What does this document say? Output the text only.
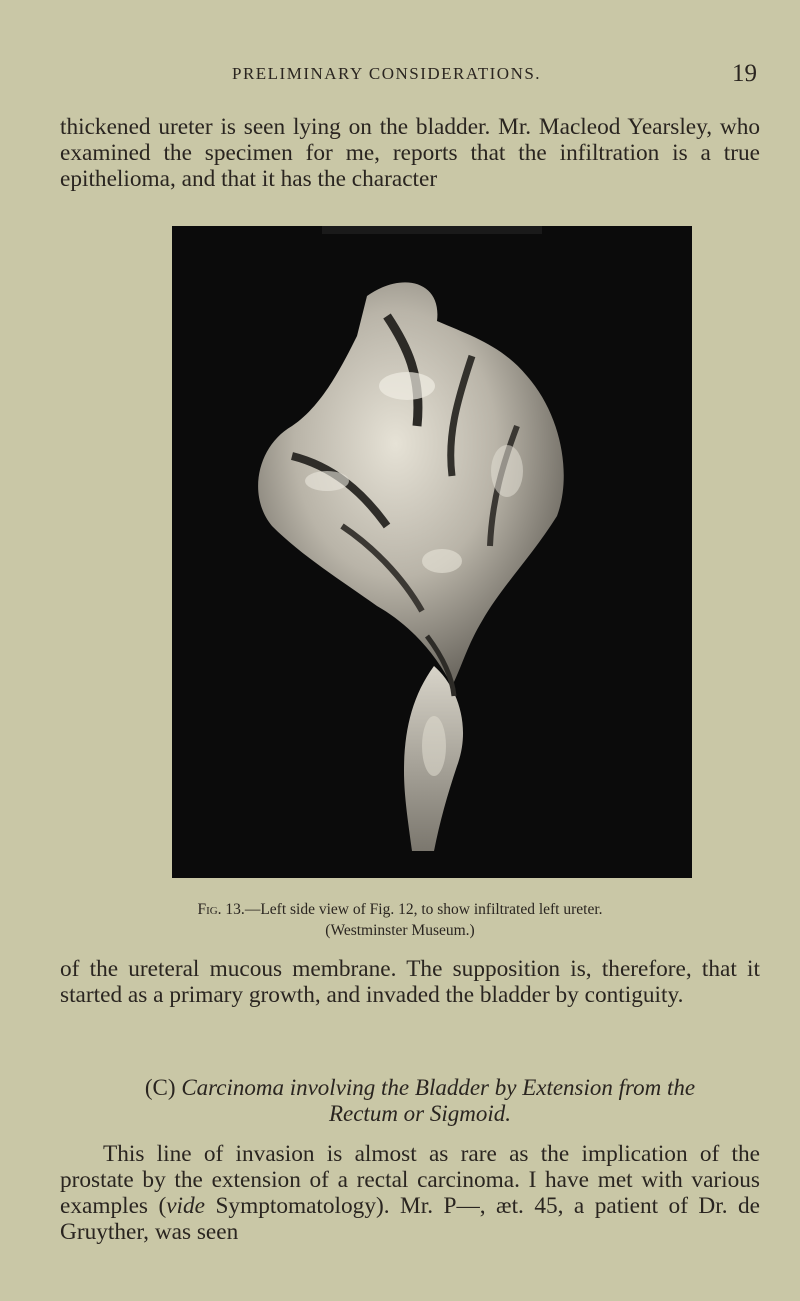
PRELIMINARY CONSIDERATIONS.	19

thickened ureter is seen lying on the bladder. Mr. Macleod Yearsley, who examined the specimen for me, reports that the infiltration is a true epithelioma, and that it has the character

Fig. 13.—Left side view of Fig. 12, to show infiltrated left ureter.
(Westminster Museum.)

of the ureteral mucous membrane. The supposition is, therefore, that it started as a primary growth, and invaded the bladder by contiguity.

(C) Carcinoma involving the Bladder by Extension from the
Rectum or Sigmoid.

This line of invasion is almost as rare as the implication of the prostate by the extension of a rectal carcinoma. I have met with various examples (vide Symptomatology). Mr. P—, æt. 45, a patient of Dr. de Gruyther, was seen
